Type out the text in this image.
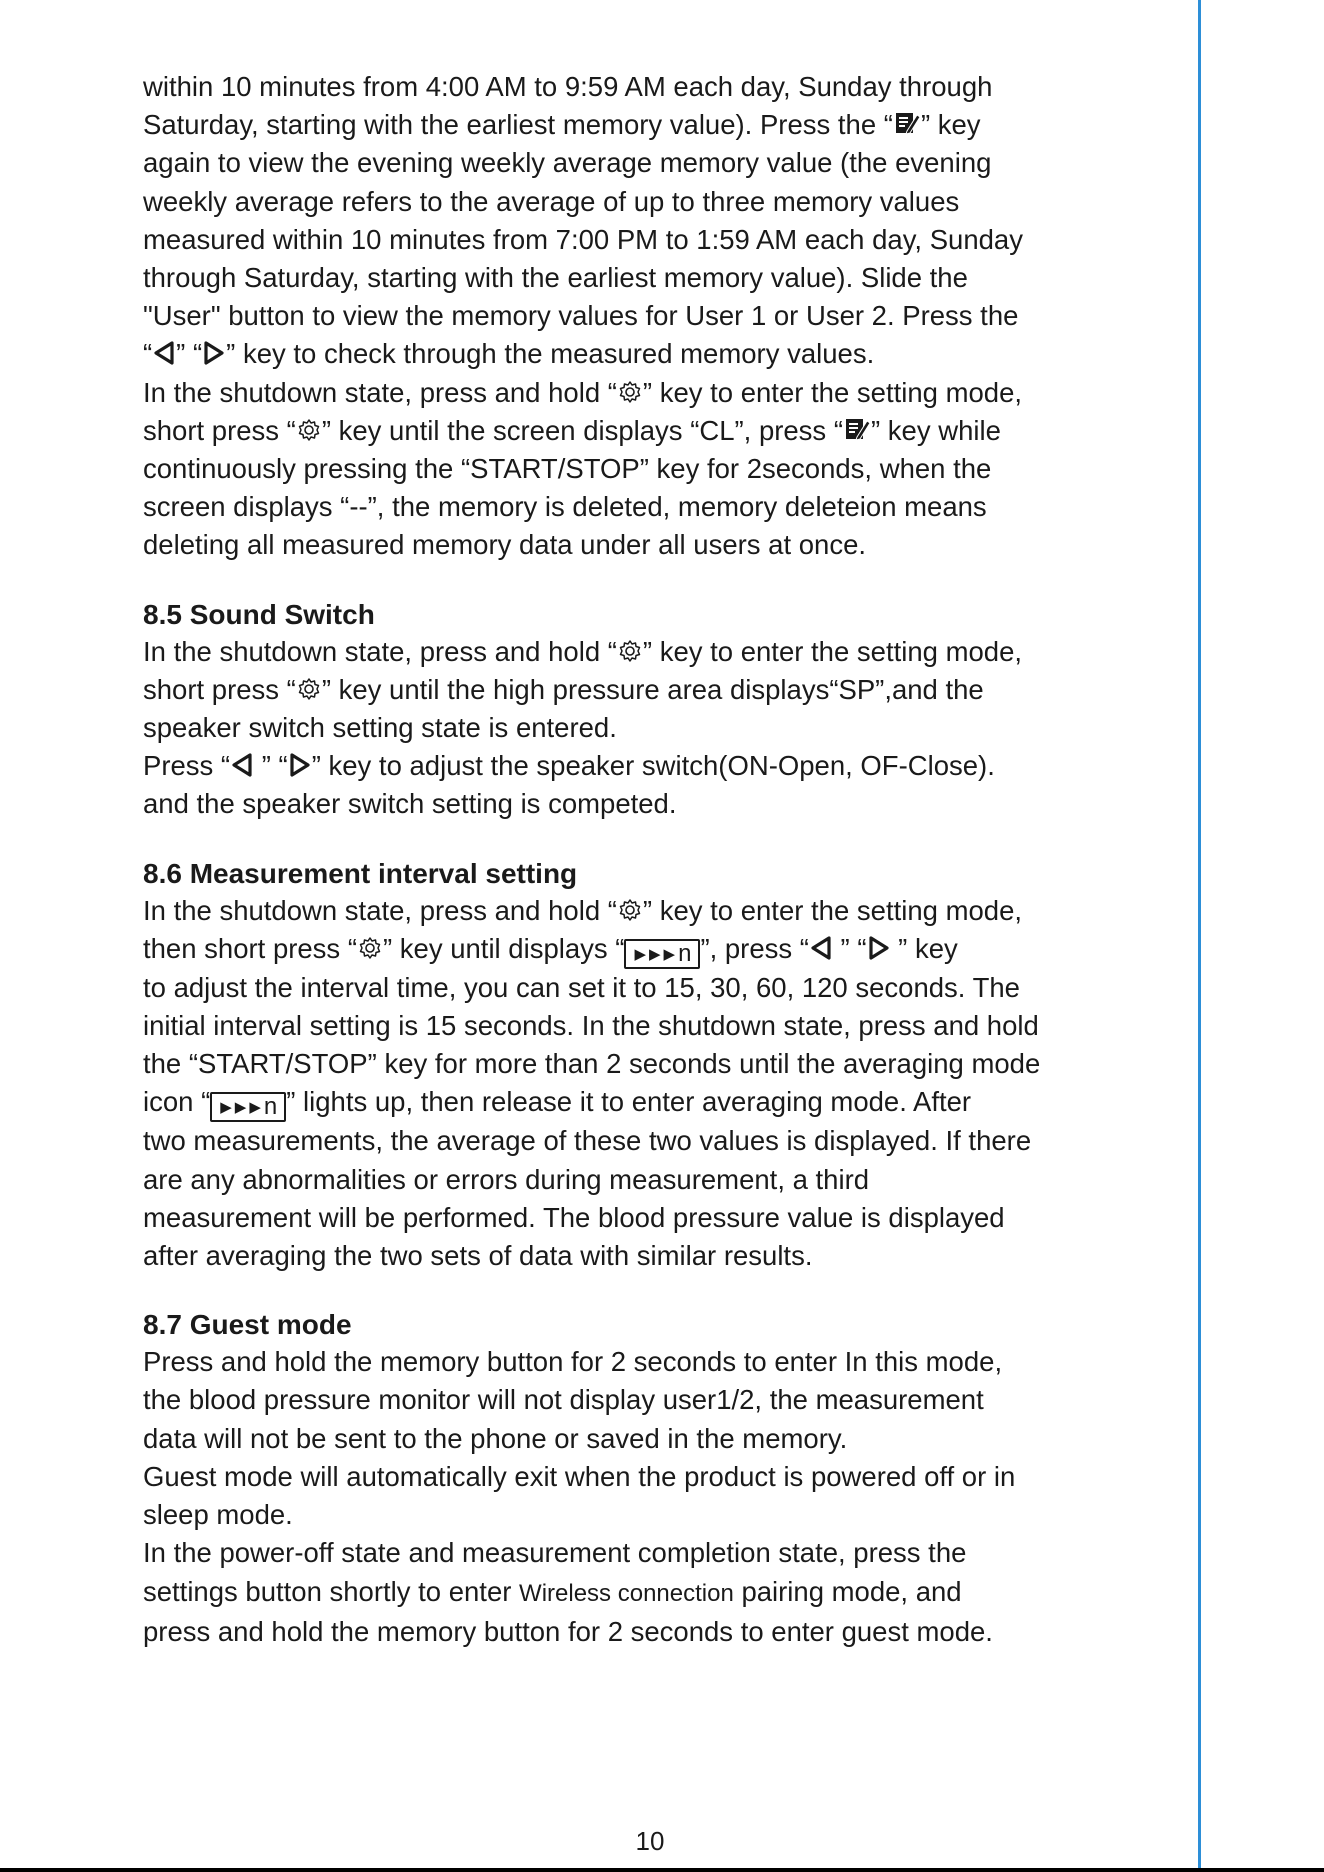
within 10 minutes from 4:00 AM to 9:59 AM each day, Sunday through

Saturday, starting with the earliest memory value). Press the “ ” key

again to view the evening weekly average memory value (the evening

weekly average refers to the average of up to three memory values

measured within 10 minutes from 7:00 PM to 1:59 AM each day, Sunday

through Saturday, starting with the earliest memory value). Slide the

"User" button to view the memory values for User 1 or User 2. Press the

“ ” “ ” key to check through the measured memory values.

In the shutdown state, press and hold “ ” key to enter the setting mode,

short press “ ” key until the screen displays “CL”, press “ ” key while

continuously pressing the “START/STOP” key for 2seconds, when the

screen displays “--”, the memory is deleted, memory deleteion means

deleting all measured memory data under all users at once.

8.5 Sound Switch

In the shutdown state, press and hold “ ” key to enter the setting mode,

short press “ ” key until the high pressure area displays“SP”,and the

speaker switch setting state is entered.

Press “
” “ ” key to adjust the speaker switch(ON-Open, OF-Close).

and the speaker switch setting is competed.

8.6 Measurement interval setting

In the shutdown state, press and hold “ ” key to enter the setting mode,

then short press “ ” key until displays “ ▶▶▶n ”, press “
” “
” key

to adjust the interval time, you can set it to 15, 30, 60, 120 seconds. The

initial interval setting is 15 seconds. In the shutdown state, press and hold

the “START/STOP” key for more than 2 seconds until the averaging mode

icon “ ▶▶▶n ” lights up, then release it to enter averaging mode. After

two measurements, the average of these two values is displayed. If there

are any abnormalities or errors during measurement, a third

measurement will be performed. The blood pressure value is displayed

after averaging the two sets of data with similar results.

8.7 Guest mode

Press and hold the memory button for 2 seconds to enter In this mode,

the blood pressure monitor will not display user1/2, the measurement

data will not be sent to the phone or saved in the memory.

Guest mode will automatically exit when the product is powered off or in

sleep mode.

In the power-off state and measurement completion state, press the

settings button shortly to enter Wireless connection pairing mode, and

press and hold the memory button for 2 seconds to enter guest mode.

10
